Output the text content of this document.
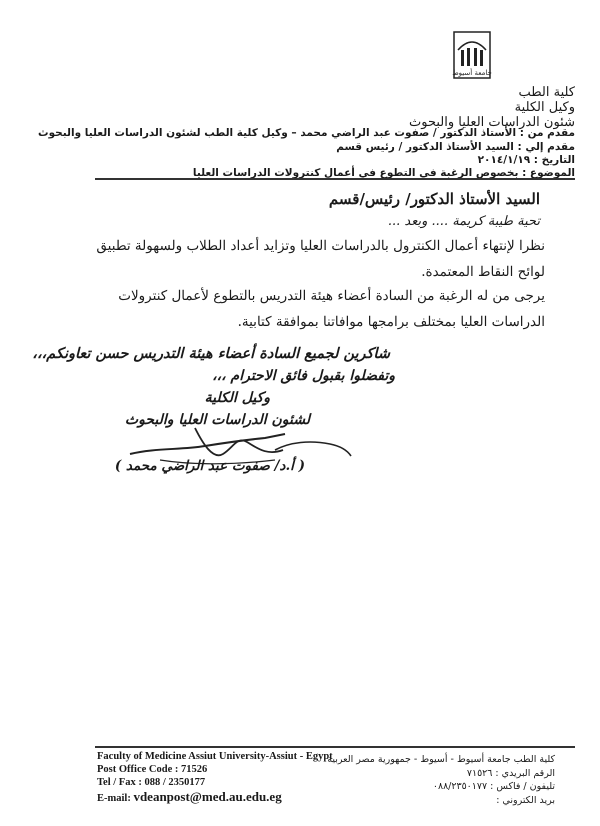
جامعة أسيوط
كلية الطب
وكيل الكلية
شئون الدراسات العليا والبحوث
مقدم من : الأستاذ الدكتور / صفوت عبد الراضي محمد – وكيل كلية الطب لشئون الدراسات العليا والبحوث
مقدم إلي : السيد الأستاذ الدكتور / رئيس قسم
التاريخ : ٢٠١٤/١/١٩
الموضوع : بخصوص الرغبة في التطوع في أعمال كنترولات الدراسات العليا
السيد الأستاذ الدكتور/ رئيس/قسم
تحية طيبة كريمة .... وبعد ...
نظرا لإنتهاء أعمال الكنترول بالدراسات العليا وتزايد أعداد الطلاب ولسهولة تطبيق
لوائح النقاط المعتمدة.
يرجى من له الرغبة من السادة أعضاء هيئة التدريس بالتطوع لأعمال كنترولات
الدراسات العليا بمختلف برامجها موافاتنا بموافقة كتابية.
شاكرين لجميع السادة أعضاء هيئة التدريس حسن تعاونكم،،،
وتفضلوا بقبول فائق الاحترام ،،،
وكيل الكلية
لشئون الدراسات العليا والبحوث
( أ.د/ صفوت عبد الراضي محمد )
Faculty of Medicine Assiut University-Assiut - Egypt
Post Office Code : 71526
Tel / Fax : 088 / 2350177
E-mail: vdeanpost@med.au.edu.eg
كلية الطب جامعة أسيوط - أسيوط - جمهورية مصر العربية
الرقم البريدي : ٧١٥٢٦
تليفون / فاكس : ٠٨٨/٢٣٥٠١٧٧
بريد الكتروني :
